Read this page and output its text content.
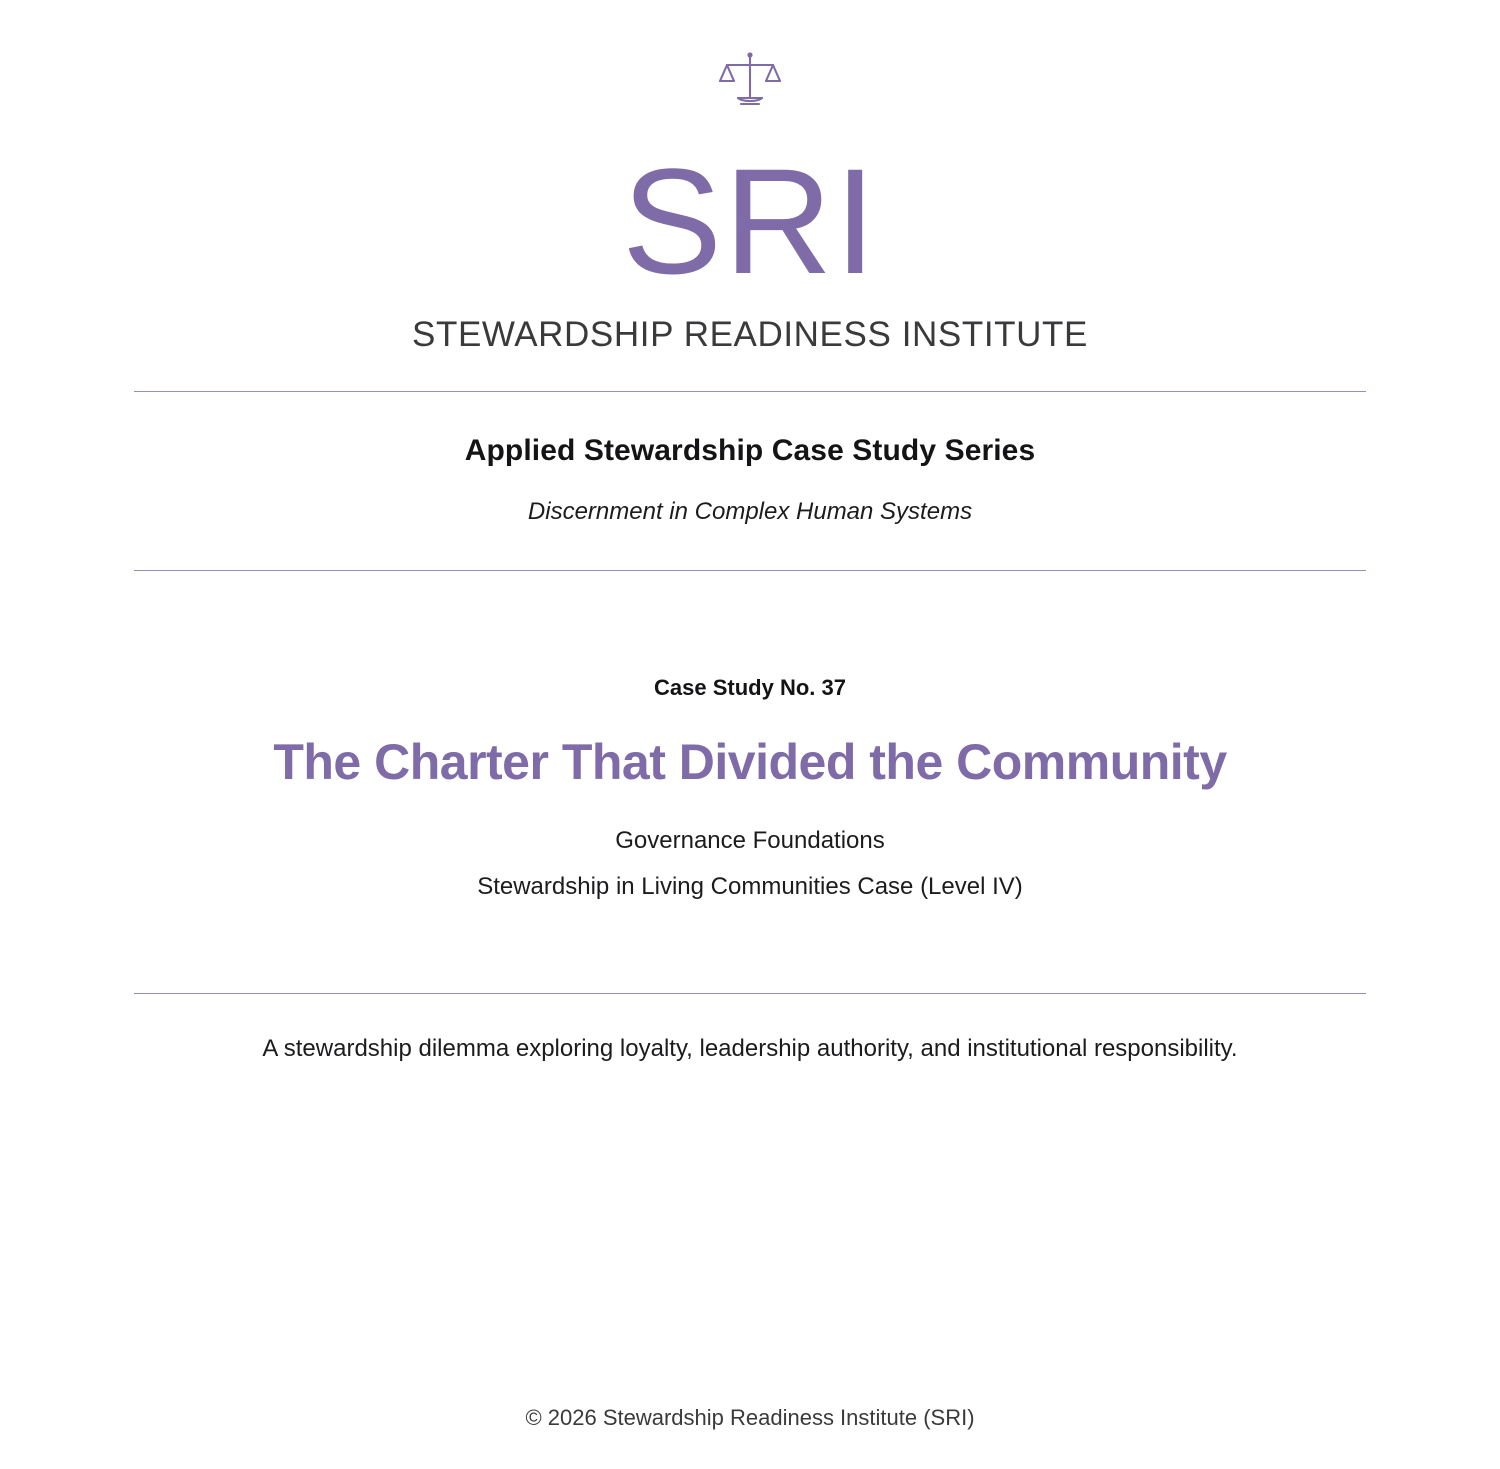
SRI
STEWARDSHIP READINESS INSTITUTE
Applied Stewardship Case Study Series
Discernment in Complex Human Systems
Case Study No. 37
The Charter That Divided the Community
Governance Foundations
Stewardship in Living Communities Case (Level IV)
A stewardship dilemma exploring loyalty, leadership authority, and institutional responsibility.
© 2026 Stewardship Readiness Institute (SRI)
